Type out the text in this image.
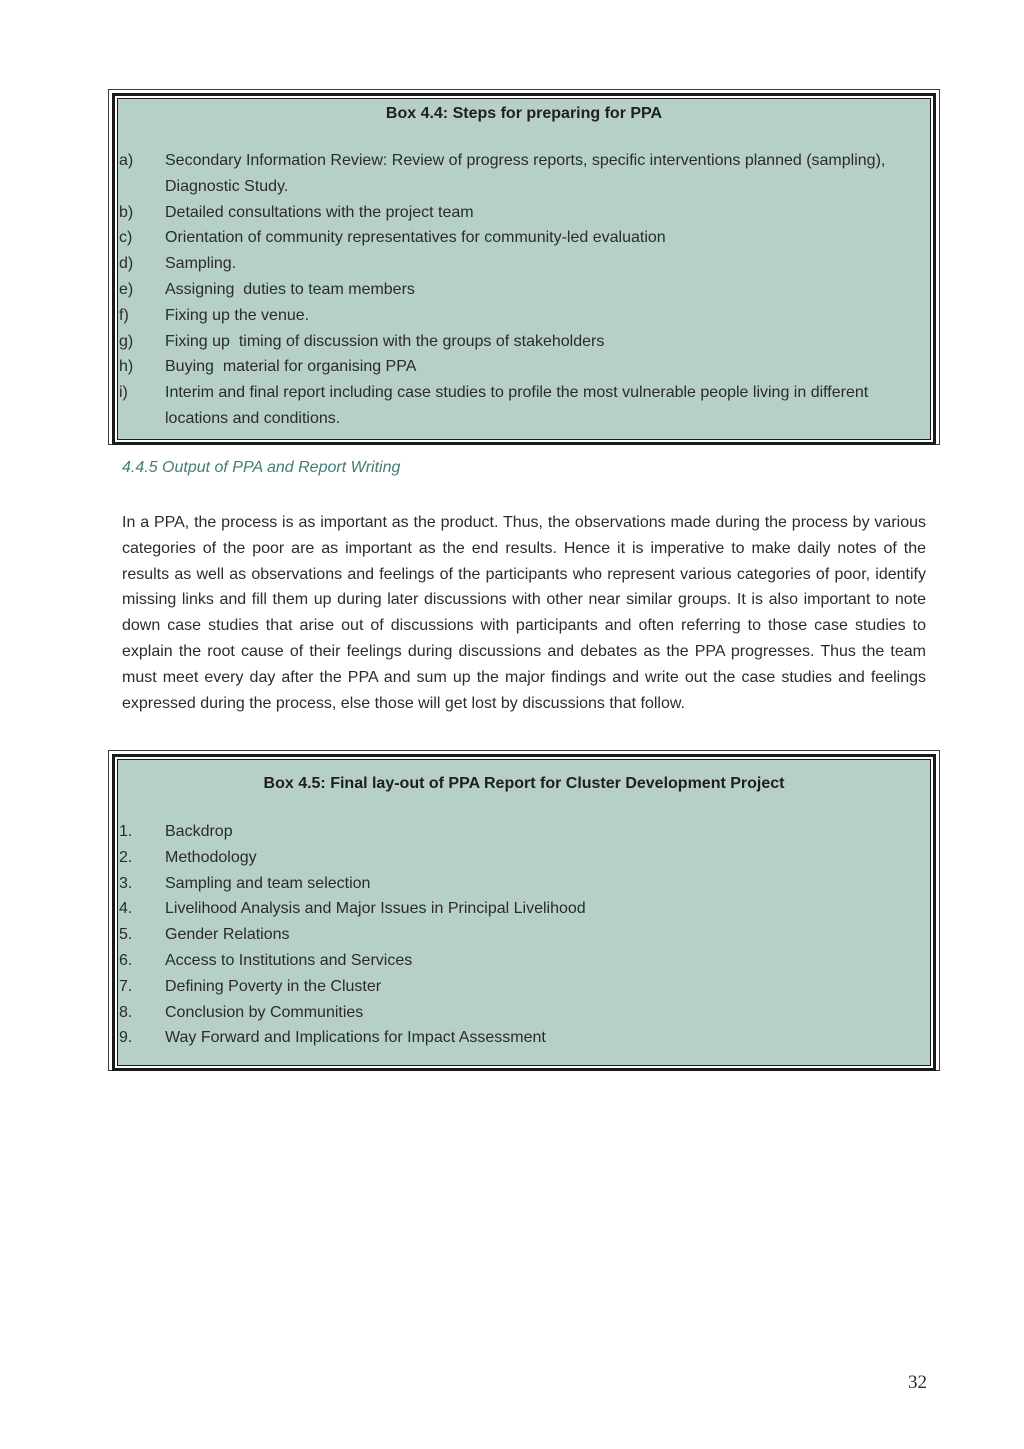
Box 4.4: Steps for preparing for PPA
a)	Secondary Information Review: Review of progress reports, specific interventions planned (sampling), Diagnostic Study.
b)	Detailed consultations with the project team
c)	Orientation of community representatives for community-led evaluation
d)	Sampling.
e)	Assigning  duties to team members
f)	Fixing up the venue.
g)	Fixing up  timing of discussion with the groups of stakeholders
h)	Buying  material for organising PPA
i)	Interim and final report including case studies to profile the most vulnerable people living in different locations and conditions.
4.4.5 Output of PPA and Report Writing

In a PPA, the process is as important as the product. Thus, the observations made during the process by various categories of the poor are as important as the end results. Hence it is imperative to make daily notes of the results as well as observations and feelings of the participants who represent various categories of poor, identify missing links and fill them up during later discussions with other near similar groups. It is also important to note down case studies that arise out of discussions with participants and often referring to those case studies to explain the root cause of their feelings during discussions and debates as the PPA progresses. Thus the team must meet every day after the PPA and sum up the major findings and write out the case studies and feelings expressed during the process, else those will get lost by discussions that follow.

Box 4.5: Final lay-out of PPA Report for Cluster Development Project
1.	Backdrop
2.	Methodology
3.	Sampling and team selection
4.	Livelihood Analysis and Major Issues in Principal Livelihood
5.	Gender Relations
6.	Access to Institutions and Services
7.	Defining Poverty in the Cluster
8.	Conclusion by Communities
9.	Way Forward and Implications for Impact Assessment
32
